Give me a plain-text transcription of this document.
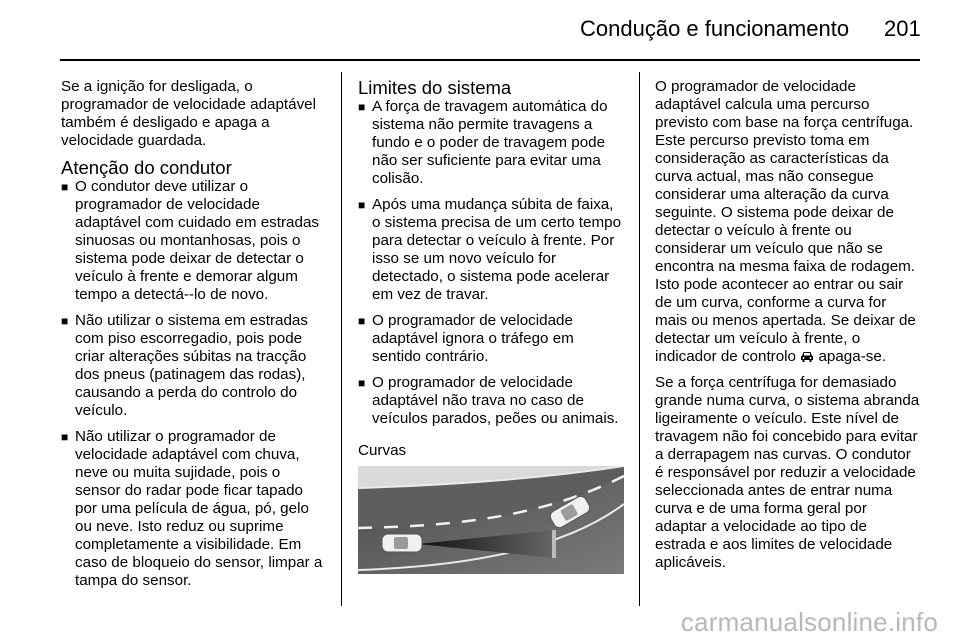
Condução e funcionamento 201

Se a ignição for desligada, o programador de velocidade adaptável também é desligado e apaga a velocidade guardada.

Atenção do condutor
■ O condutor deve utilizar o programador de velocidade adaptável com cuidado em estradas sinuosas ou montanhosas, pois o sistema pode deixar de detectar o veículo à frente e demorar algum tempo a detectá--lo de novo.
■ Não utilizar o sistema em estradas com piso escorregadio, pois pode criar alterações súbitas na tracção dos pneus (patinagem das rodas), causando a perda do controlo do veículo.
■ Não utilizar o programador de velocidade adaptável com chuva, neve ou muita sujidade, pois o sensor do radar pode ficar tapado por uma película de água, pó, gelo ou neve. Isto reduz ou suprime completamente a visibilidade. Em caso de bloqueio do sensor, limpar a tampa do sensor.
Limites do sistema
■ A força de travagem automática do sistema não permite travagens a fundo e o poder de travagem pode não ser suficiente para evitar uma colisão.
■ Após uma mudança súbita de faixa, o sistema precisa de um certo tempo para detectar o veículo à frente. Por isso se um novo veículo for detectado, o sistema pode acelerar em vez de travar.
■ O programador de velocidade adaptável ignora o tráfego em sentido contrário.
■ O programador de velocidade adaptável não trava no caso de veículos parados, peões ou animais.
Curvas

O programador de velocidade adaptável calcula uma percurso previsto com base na força centrífuga. Este percurso previsto toma em consideração as características da curva actual, mas não consegue considerar uma alteração da curva seguinte. O sistema pode deixar de detectar o veículo à frente ou considerar um veículo que não se encontra na mesma faixa de rodagem. Isto pode acontecer ao entrar ou sair de um curva, conforme a curva for mais ou menos apertada. Se deixar de detectar um veículo à frente, o indicador de controlo apaga-se.

Se a força centrífuga for demasiado grande numa curva, o sistema abranda ligeiramente o veículo. Este nível de travagem não foi concebido para evitar a derrapagem nas curvas. O condutor é responsável por reduzir a velocidade seleccionada antes de entrar numa curva e de uma forma geral por adaptar a velocidade ao tipo de estrada e aos limites de velocidade aplicáveis.

carmanualsonline.info
